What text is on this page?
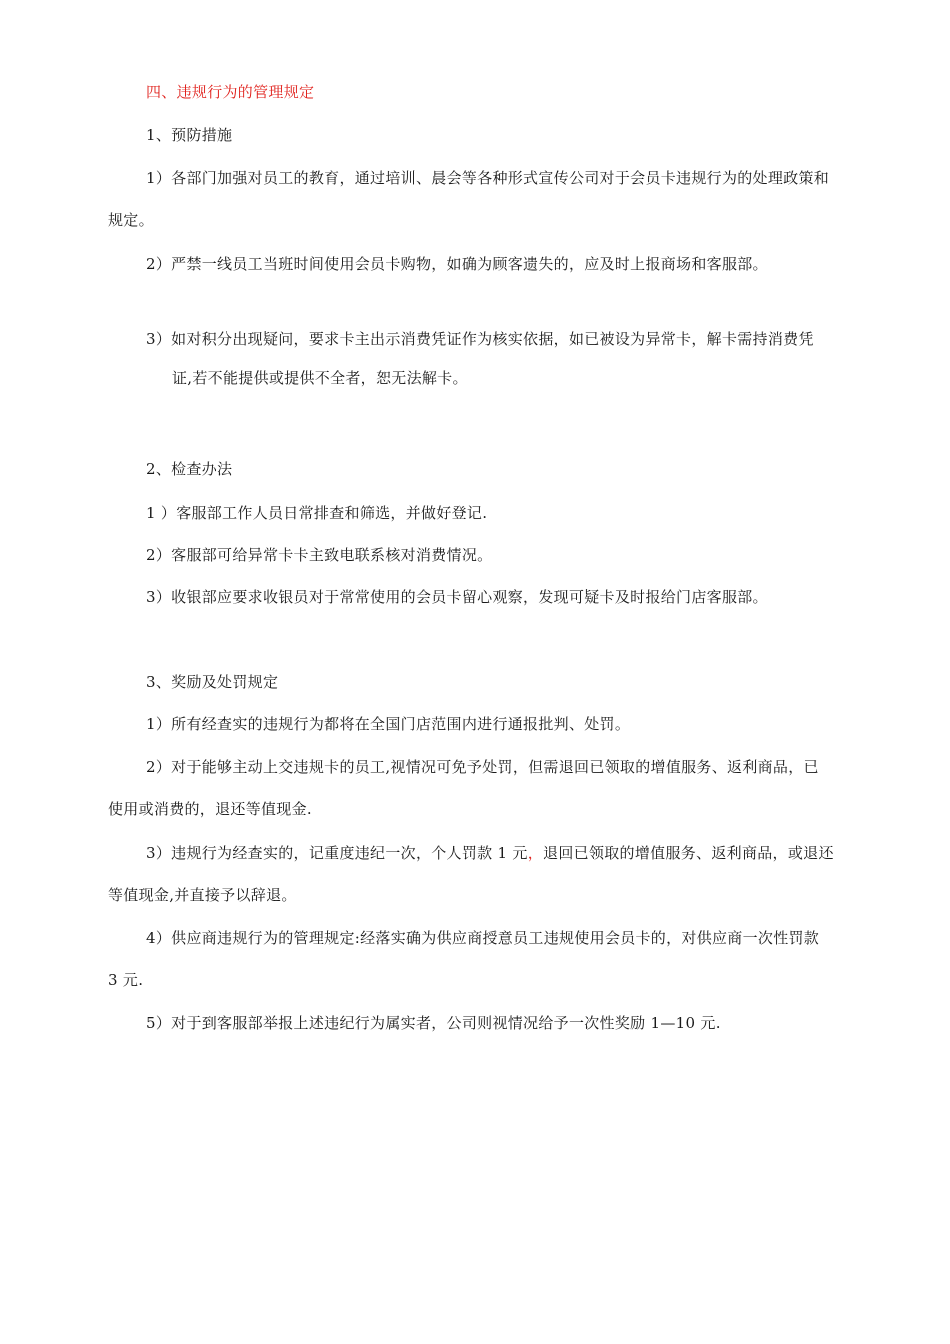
四、违规行为的管理规定

1、预防措施

1）各部门加强对员工的教育，通过培训、晨会等各种形式宣传公司对于会员卡违规行为的处理政策和

规定。

2）严禁一线员工当班时间使用会员卡购物，如确为顾客遗失的，应及时上报商场和客服部。

3）如对积分出现疑问，要求卡主出示消费凭证作为核实依据，如已被设为异常卡，解卡需持消费凭

证,若不能提供或提供不全者，恕无法解卡。

2、检查办法

1 ）客服部工作人员日常排查和筛选，并做好登记.

2）客服部可给异常卡卡主致电联系核对消费情况。

3）收银部应要求收银员对于常常使用的会员卡留心观察，发现可疑卡及时报给门店客服部。

3、奖励及处罚规定

1）所有经查实的违规行为都将在全国门店范围内进行通报批判、处罚。

2）对于能够主动上交违规卡的员工,视情况可免予处罚，但需退回已领取的增值服务、返利商品，已

使用或消费的，退还等值现金.

3）违规行为经查实的，记重度违纪一次，个人罚款 1 元，退回已领取的增值服务、返利商品，或退还

等值现金,并直接予以辞退。

4）供应商违规行为的管理规定:经落实确为供应商授意员工违规使用会员卡的，对供应商一次性罚款

3 元.

5）对于到客服部举报上述违纪行为属实者，公司则视情况给予一次性奖励 1—10 元.
